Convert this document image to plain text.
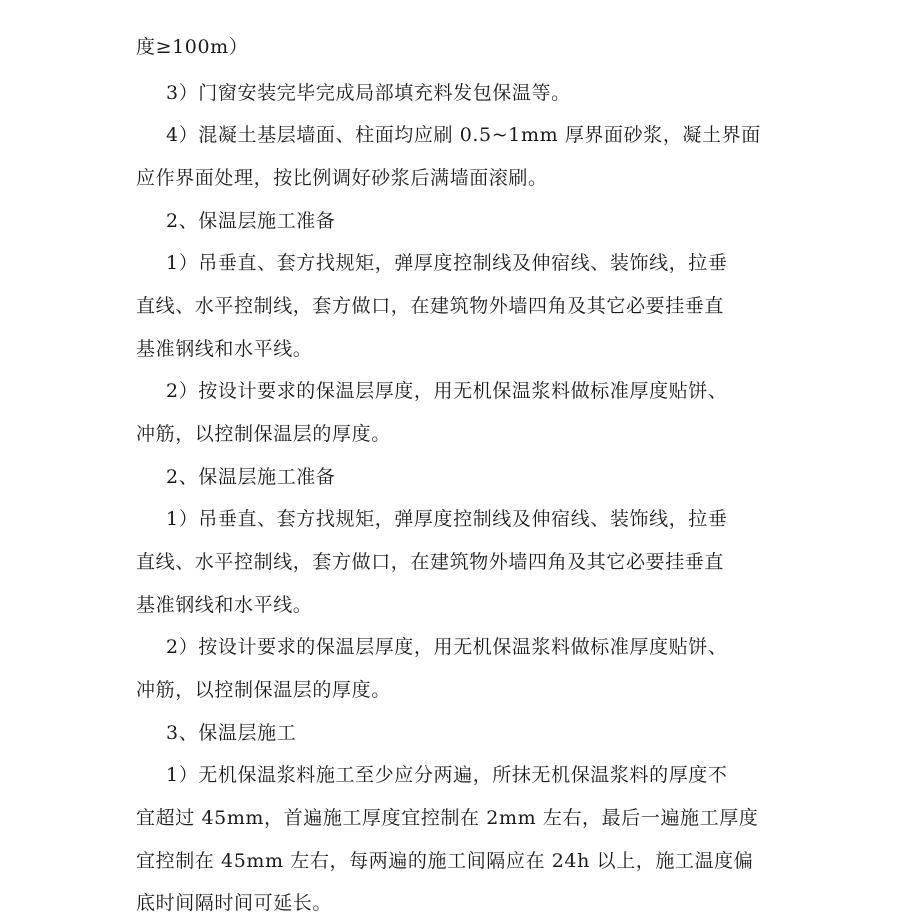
度≥100m）
3）门窗安装完毕完成局部填充料发包保温等。
4）混凝土基层墙面、柱面均应刷 0.5~1mm 厚界面砂浆，凝土界面
应作界面处理，按比例调好砂浆后满墙面滚刷。
2、保温层施工准备
1）吊垂直、套方找规矩，弹厚度控制线及伸宿线、装饰线，拉垂
直线、水平控制线，套方做口，在建筑物外墙四角及其它必要挂垂直
基准钢线和水平线。
2）按设计要求的保温层厚度，用无机保温浆料做标准厚度贴饼、
冲筋，以控制保温层的厚度。
2、保温层施工准备
1）吊垂直、套方找规矩，弹厚度控制线及伸宿线、装饰线，拉垂
直线、水平控制线，套方做口，在建筑物外墙四角及其它必要挂垂直
基准钢线和水平线。
2）按设计要求的保温层厚度，用无机保温浆料做标准厚度贴饼、
冲筋，以控制保温层的厚度。
3、保温层施工
1）无机保温浆料施工至少应分两遍，所抹无机保温浆料的厚度不
宜超过 45mm，首遍施工厚度宜控制在 2mm 左右，最后一遍施工厚度
宜控制在 45mm 左右，每两遍的施工间隔应在 24h 以上，施工温度偏
底时间隔时间可延长。
